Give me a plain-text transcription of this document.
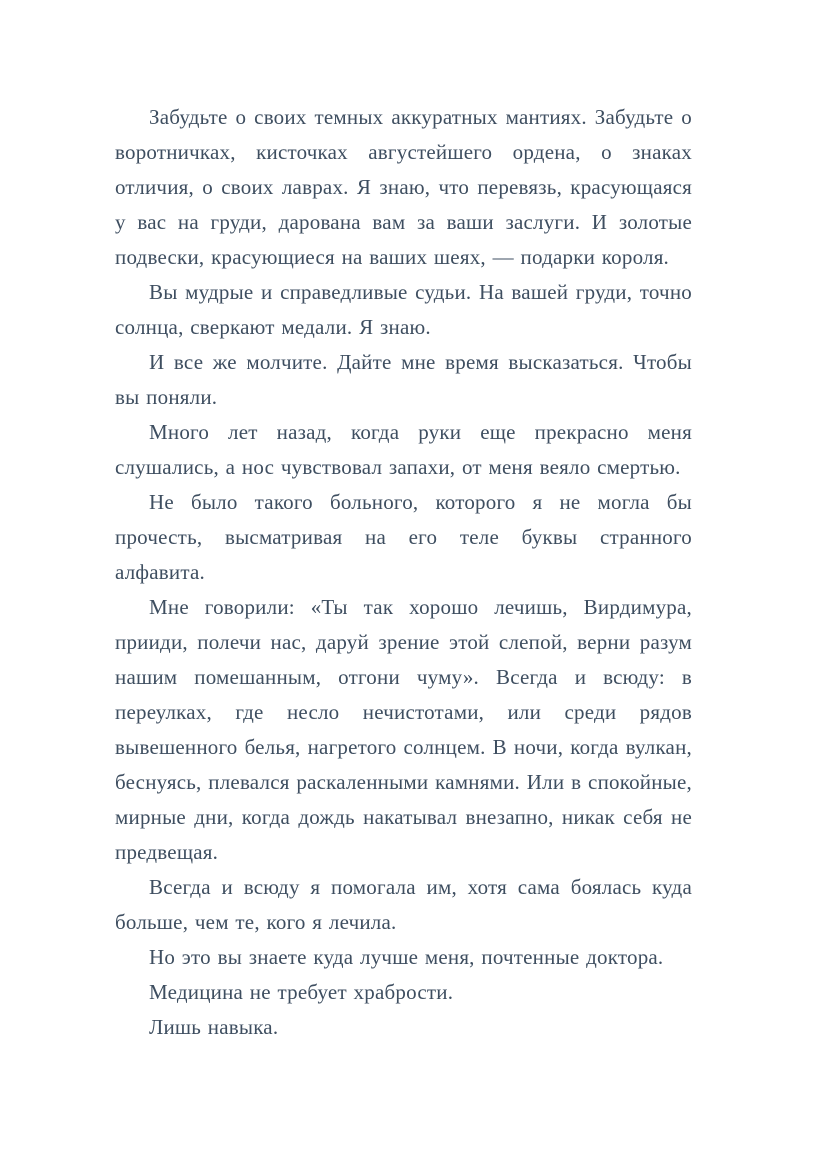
Забудьте о своих темных аккуратных мантиях. Забудьте о воротничках, кисточках августейшего ордена, о знаках отличия, о своих лаврах. Я знаю, что перевязь, красующаяся у вас на груди, дарована вам за ваши заслуги. И золотые подвески, красующиеся на ваших шеях, — подарки короля.

Вы мудрые и справедливые судьи. На вашей груди, точно солнца, сверкают медали. Я знаю.

И все же молчите. Дайте мне время высказаться. Чтобы вы поняли.

Много лет назад, когда руки еще прекрасно меня слушались, а нос чувствовал запахи, от меня веяло смертью.

Не было такого больного, которого я не могла бы прочесть, высматривая на его теле буквы странного алфавита.

Мне говорили: «Ты так хорошо лечишь, Вирдимура, прииди, полечи нас, даруй зрение этой слепой, верни разум нашим помешанным, отгони чуму». Всегда и всюду: в переулках, где несло нечистотами, или среди рядов вывешенного белья, нагретого солнцем. В ночи, когда вулкан, беснуясь, плевался раскаленными камнями. Или в спокойные, мирные дни, когда дождь накатывал внезапно, никак себя не предвещая.

Всегда и всюду я помогала им, хотя сама боялась куда больше, чем те, кого я лечила.

Но это вы знаете куда лучше меня, почтенные доктора.

Медицина не требует храбрости.

Лишь навыка.
